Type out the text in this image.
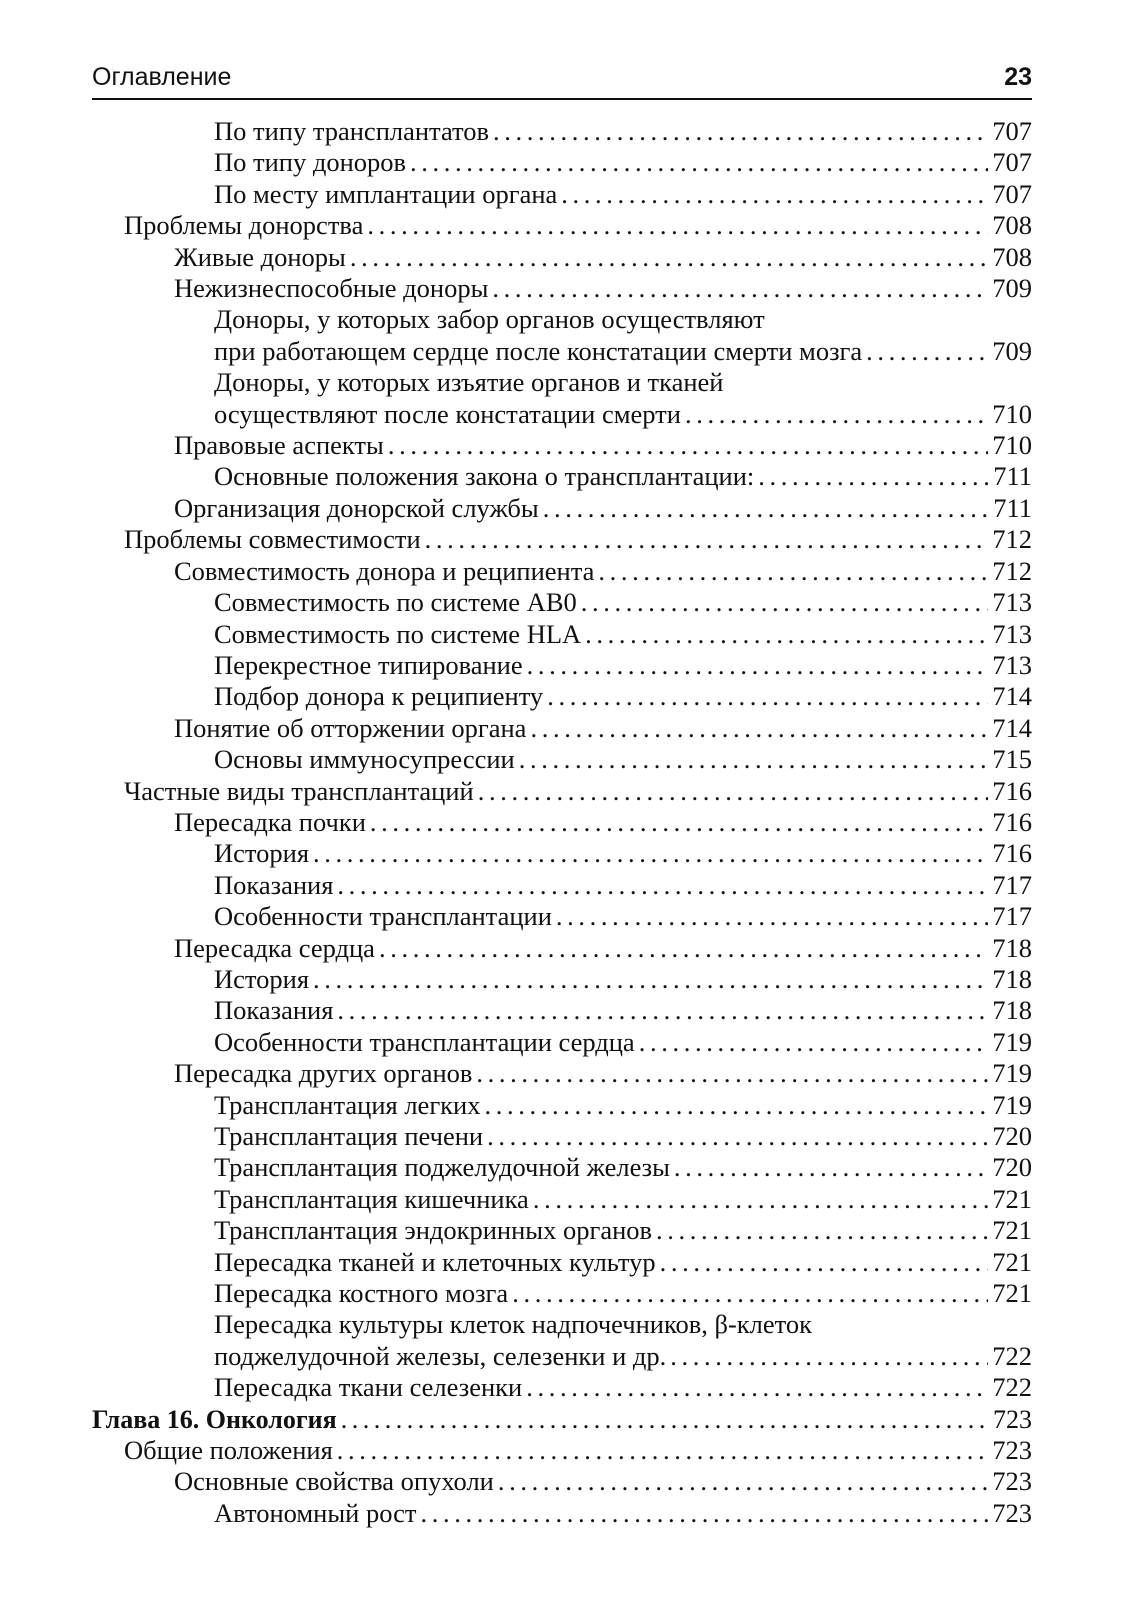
Оглавление	23
По типу трансплантатов . . .	707
По типу доноров . . .	707
По месту имплантации органа . . .	707
Проблемы донорства . . .	708
Живые доноры . . .	708
Нежизнеспособные доноры . . .	709
Доноры, у которых забор органов осуществляют
при работающем сердце после констатации смерти мозга . . .	709
Доноры, у которых изъятие органов и тканей
осуществляют после констатации смерти . . .	710
Правовые аспекты . . .	710
Основные положения закона о трансплантации: . . .	711
Организация донорской службы . . .	711
Проблемы совместимости . . .	712
Совместимость донора и реципиента . . .	712
Совместимость по системе AB0 . . .	713
Совместимость по системе HLA . . .	713
Перекрестное типирование . . .	713
Подбор донора к реципиенту . . .	714
Понятие об отторжении органа . . .	714
Основы иммуносупрессии . . .	715
Частные виды трансплантаций . . .	716
Пересадка почки . . .	716
История . . .	716
Показания . . .	717
Особенности трансплантации . . .	717
Пересадка сердца . . .	718
История . . .	718
Показания . . .	718
Особенности трансплантации сердца . . .	719
Пересадка других органов . . .	719
Трансплантация легких . . .	719
Трансплантация печени . . .	720
Трансплантация поджелудочной железы . . .	720
Трансплантация кишечника . . .	721
Трансплантация эндокринных органов . . .	721
Пересадка тканей и клеточных культур . . .	721
Пересадка костного мозга . . .	721
Пересадка культуры клеток надпочечников, β-клеток
поджелудочной железы, селезенки и др. . . .	722
Пересадка ткани селезенки . . .	722
Глава 16. Онкология . . .	723
Общие положения . . .	723
Основные свойства опухоли . . .	723
Автономный рост . . .	723
